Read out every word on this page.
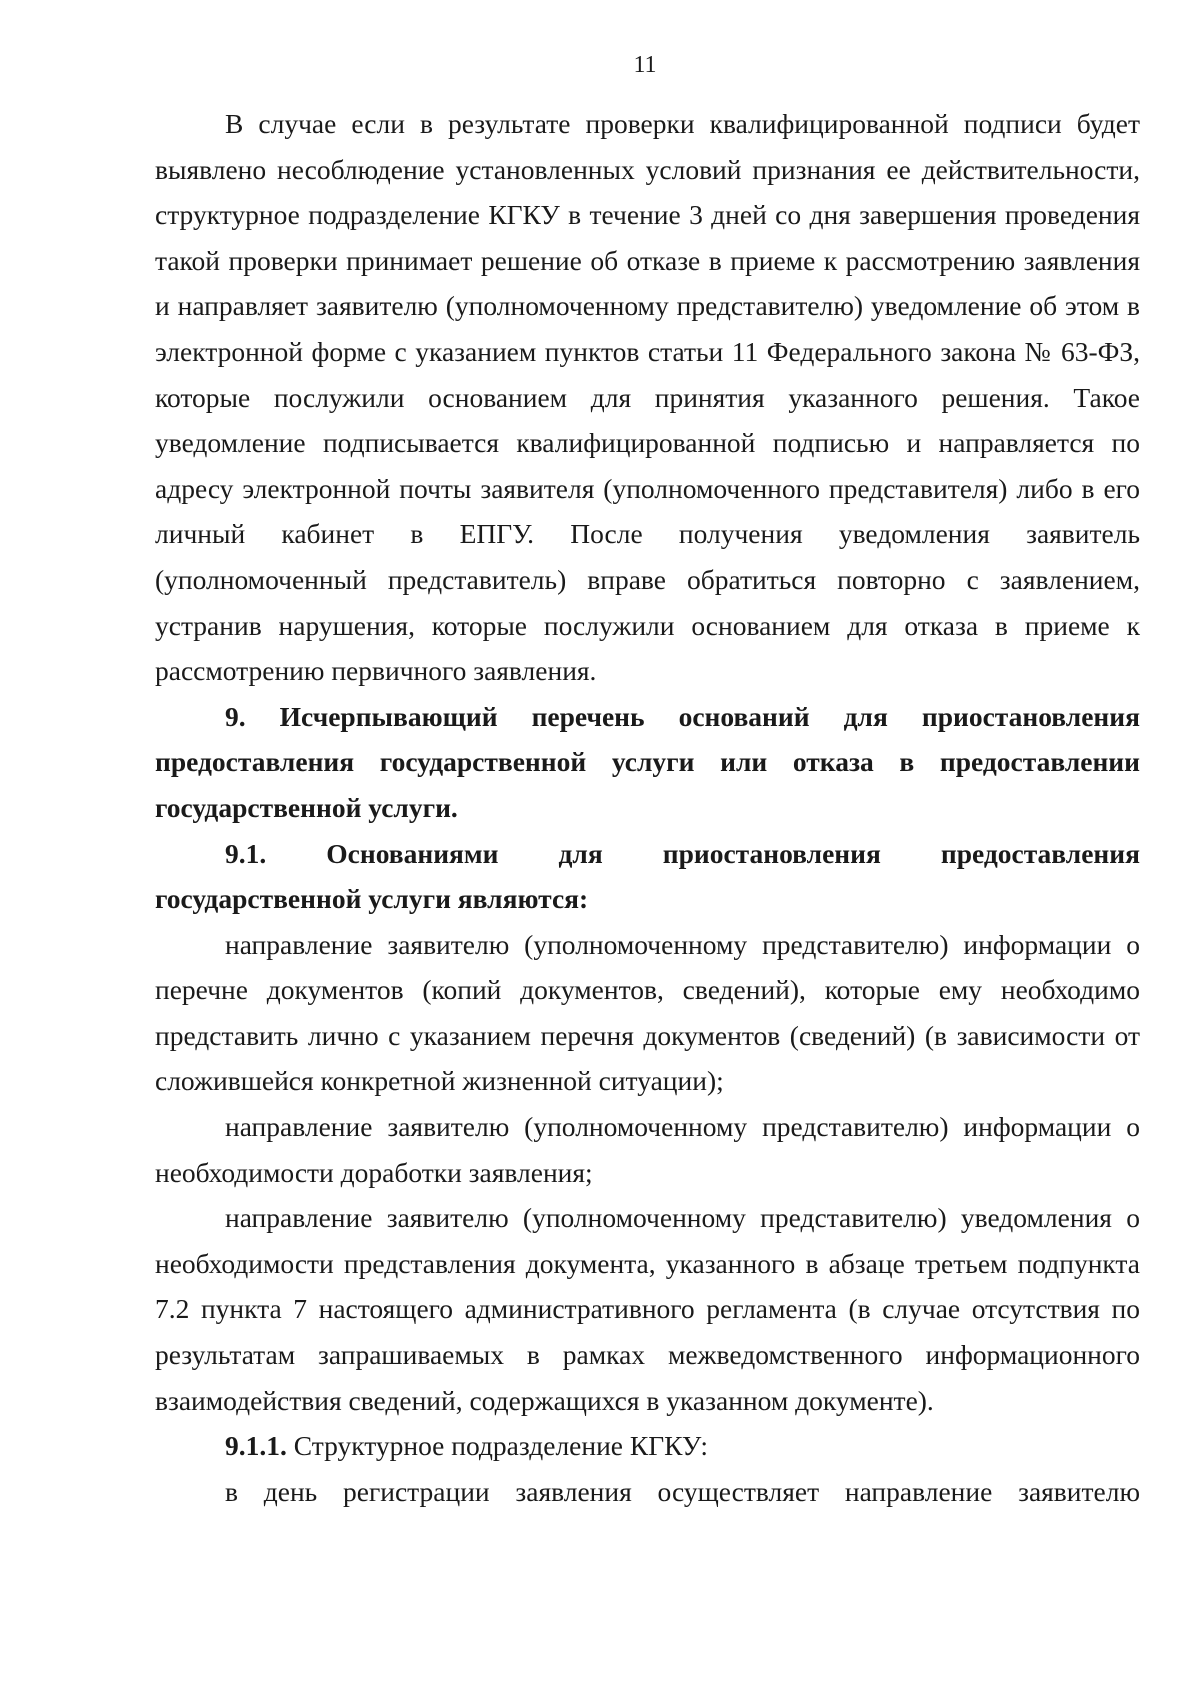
11

В случае если в результате проверки квалифицированной подписи будет выявлено несоблюдение установленных условий признания ее действительности, структурное подразделение КГКУ в течение 3 дней со дня завершения проведения такой проверки принимает решение об отказе в приеме к рассмотрению заявления и направляет заявителю (уполномоченному представителю) уведомление об этом в электронной форме с указанием пунктов статьи 11 Федерального закона № 63-ФЗ, которые послужили основанием для принятия указанного решения. Такое уведомление подписывается квалифицированной подписью и направляется по адресу электронной почты заявителя (уполномоченного представителя) либо в его личный кабинет в ЕПГУ. После получения уведомления заявитель (уполномоченный представитель) вправе обратиться повторно с заявлением, устранив нарушения, которые послужили основанием для отказа в приеме к рассмотрению первичного заявления.

9. Исчерпывающий перечень оснований для приостановления предоставления государственной услуги или отказа в предоставлении государственной услуги.

9.1. Основаниями для приостановления предоставления государственной услуги являются:

направление заявителю (уполномоченному представителю) информации о перечне документов (копий документов, сведений), которые ему необходимо представить лично с указанием перечня документов (сведений) (в зависимости от сложившейся конкретной жизненной ситуации);

направление заявителю (уполномоченному представителю) информации о необходимости доработки заявления;

направление заявителю (уполномоченному представителю) уведомления о необходимости представления документа, указанного в абзаце третьем подпункта 7.2 пункта 7 настоящего административного регламента (в случае отсутствия по результатам запрашиваемых в рамках межведомственного информационного взаимодействия сведений, содержащихся в указанном документе).

9.1.1. Структурное подразделение КГКУ:

в день регистрации заявления осуществляет направление заявителю
